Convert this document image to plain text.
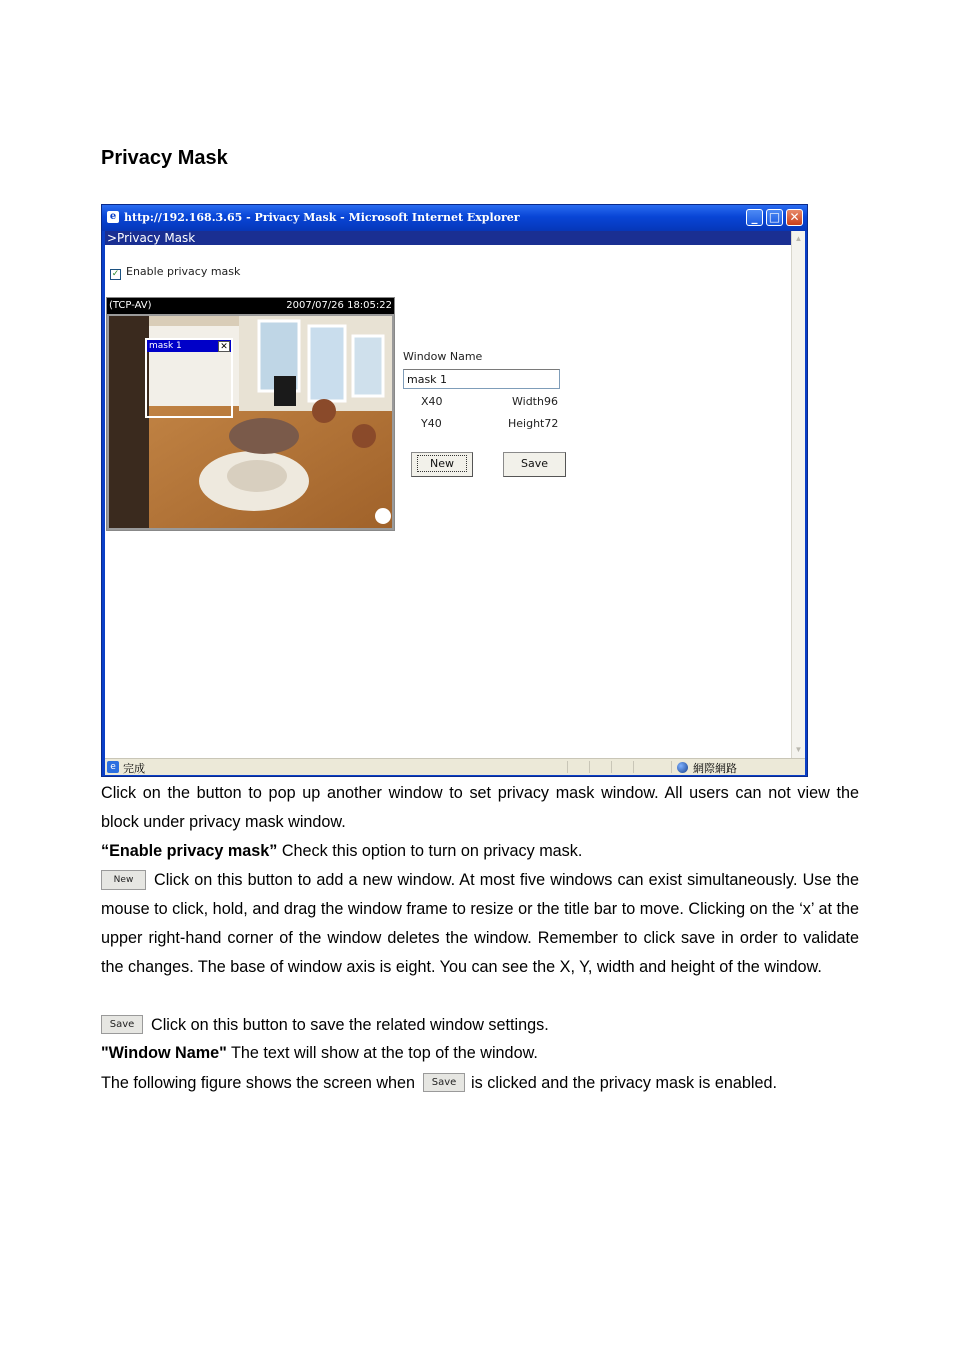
Privacy Mask
e http://192.168.3.65 - Privacy Mask - Microsoft Internet Explorer	_ □ ✕
>Privacy Mask
✓ Enable privacy mask
(TCP-AV)	2007/07/26 18:05:22
mask 1	✕
Window Name
mask 1
X40	Width96
Y40	Height72
New	Save
▲
▼
e 完成	網際網路

Click on the button to pop up another window to set privacy mask window. All users can not view the block under privacy mask window.

“Enable privacy mask” Check this option to turn on privacy mask.

New Click on this button to add a new window. At most five windows can exist simultaneously. Use the mouse to click, hold, and drag the window frame to resize or the title bar to move. Clicking on the ‘x’ at the upper right-hand corner of the window deletes the window. Remember to click save in order to validate the changes. The base of window axis is eight. You can see the X, Y, width and height of the window.

Save Click on this button to save the related window settings.

"Window Name" The text will show at the top of the window.

The following figure shows the screen when Save is clicked and the privacy mask is enabled.
